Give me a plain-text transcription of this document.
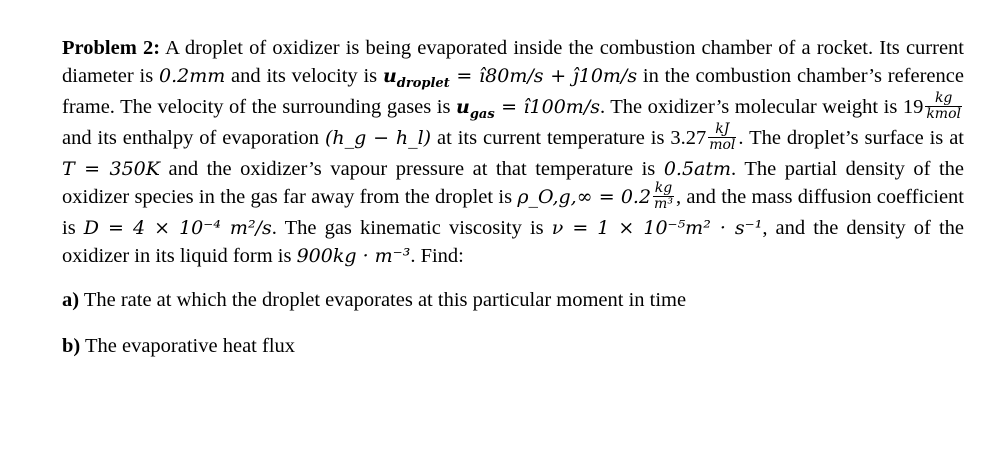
Problem 2: A droplet of oxidizer is being evaporated inside the combustion chamber of a rocket. Its current diameter is 0.2mm and its velocity is $u_{droplet}$ = î80m/s + ĵ10m/s in the combustion chamber’s reference frame. The velocity of the surrounding gases is $u_{gas}$ = î100m/s. The oxidizer’s molecular weight is $19 \frac{kg}{\text{kmol}}$
and its enthalpy of evaporation (h_g − h_l) at its current temperature is $3.27 \frac{kJ}{\text{mol}}$ . The droplet’s surface is at T = 350K and the oxidizer’s vapour pressure at that temperature is 0.5atm. The partial density of the oxidizer species in the gas far away from the droplet is ρ_O,g,∞ = $0.2 \frac{kg}{\text{m³}}$ , and the mass diffusion coefficient is D = 4 × 10⁻⁴ m²/s. The gas kinematic viscosity is ν = 1 × 10⁻⁵m² · s⁻¹, and the density of the oxidizer in its liquid form is 900kg · m⁻³. Find:

a) The rate at which the droplet evaporates at this particular moment in time

b) The evaporative heat flux
